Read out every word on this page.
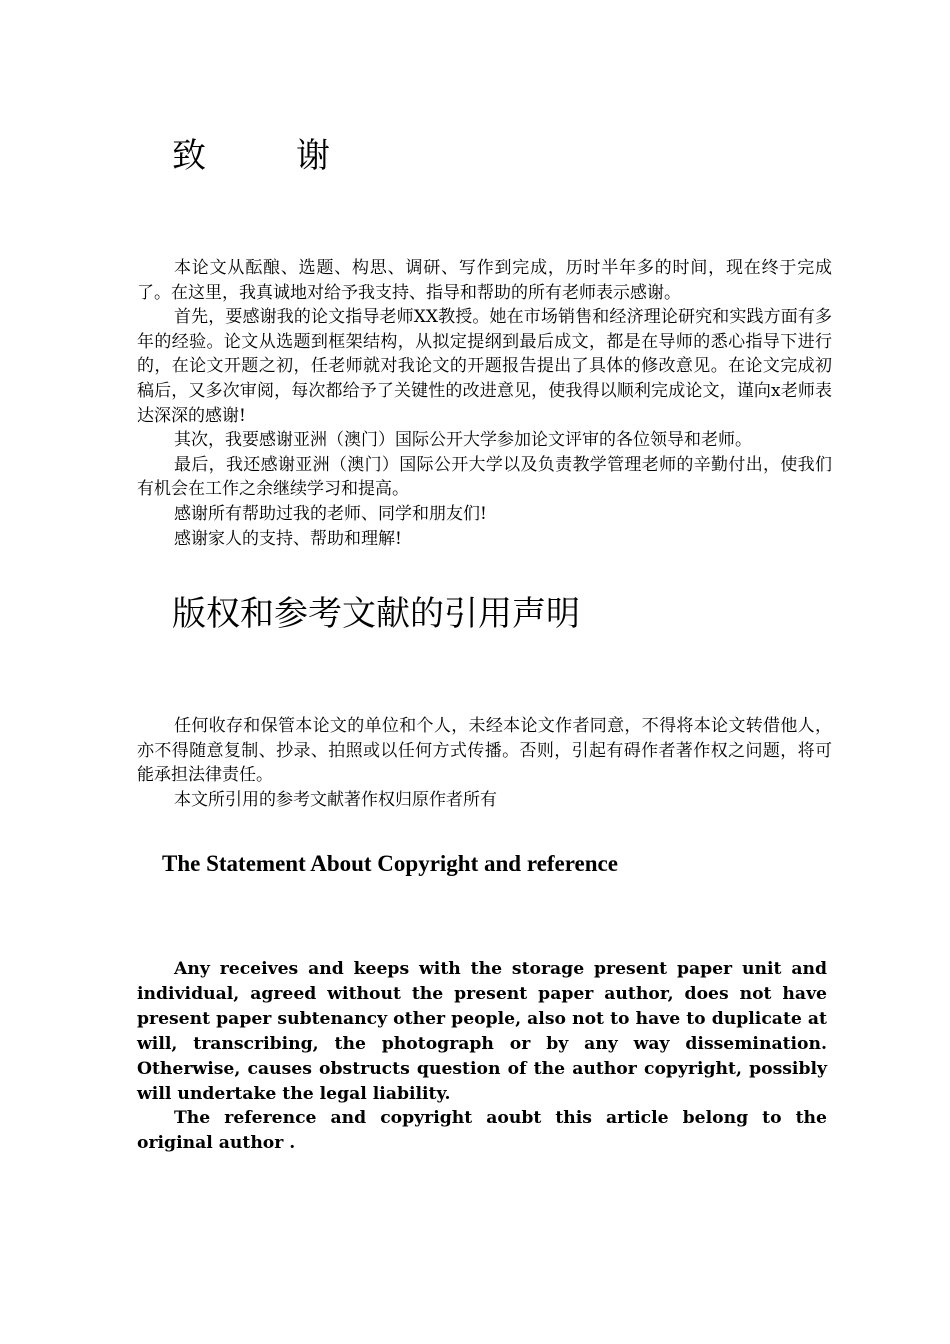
致	谢

本论文从酝酿、选题、构思、调研、写作到完成，历时半年多的时间，现在终于完成了。在这里，我真诚地对给予我支持、指导和帮助的所有老师表示感谢。

首先，要感谢我的论文指导老师XX教授。她在市场销售和经济理论研究和实践方面有多年的经验。论文从选题到框架结构，从拟定提纲到最后成文，都是在导师的悉心指导下进行的，在论文开题之初，任老师就对我论文的开题报告提出了具体的修改意见。在论文完成初稿后，又多次审阅，每次都给予了关键性的改进意见，使我得以顺利完成论文，谨向x老师表达深深的感谢!

其次，我要感谢亚洲（澳门）国际公开大学参加论文评审的各位领导和老师。

最后，我还感谢亚洲（澳门）国际公开大学以及负责教学管理老师的辛勤付出，使我们有机会在工作之余继续学习和提高。

感谢所有帮助过我的老师、同学和朋友们!

感谢家人的支持、帮助和理解!

版权和参考文献的引用声明

任何收存和保管本论文的单位和个人，未经本论文作者同意，不得将本论文转借他人，亦不得随意复制、抄录、拍照或以任何方式传播。否则，引起有碍作者著作权之问题，将可能承担法律责任。

本文所引用的参考文献著作权归原作者所有

The Statement About Copyright and reference

Any receives and keeps with the storage present paper unit and individual, agreed without the present paper author, does not have present paper subtenancy other people, also not to have to duplicate at will, transcribing, the photograph or by any way dissemination. Otherwise, causes obstructs question of the author copyright, possibly will undertake the legal liability.

The reference and copyright aoubt this article belong to the original author .
